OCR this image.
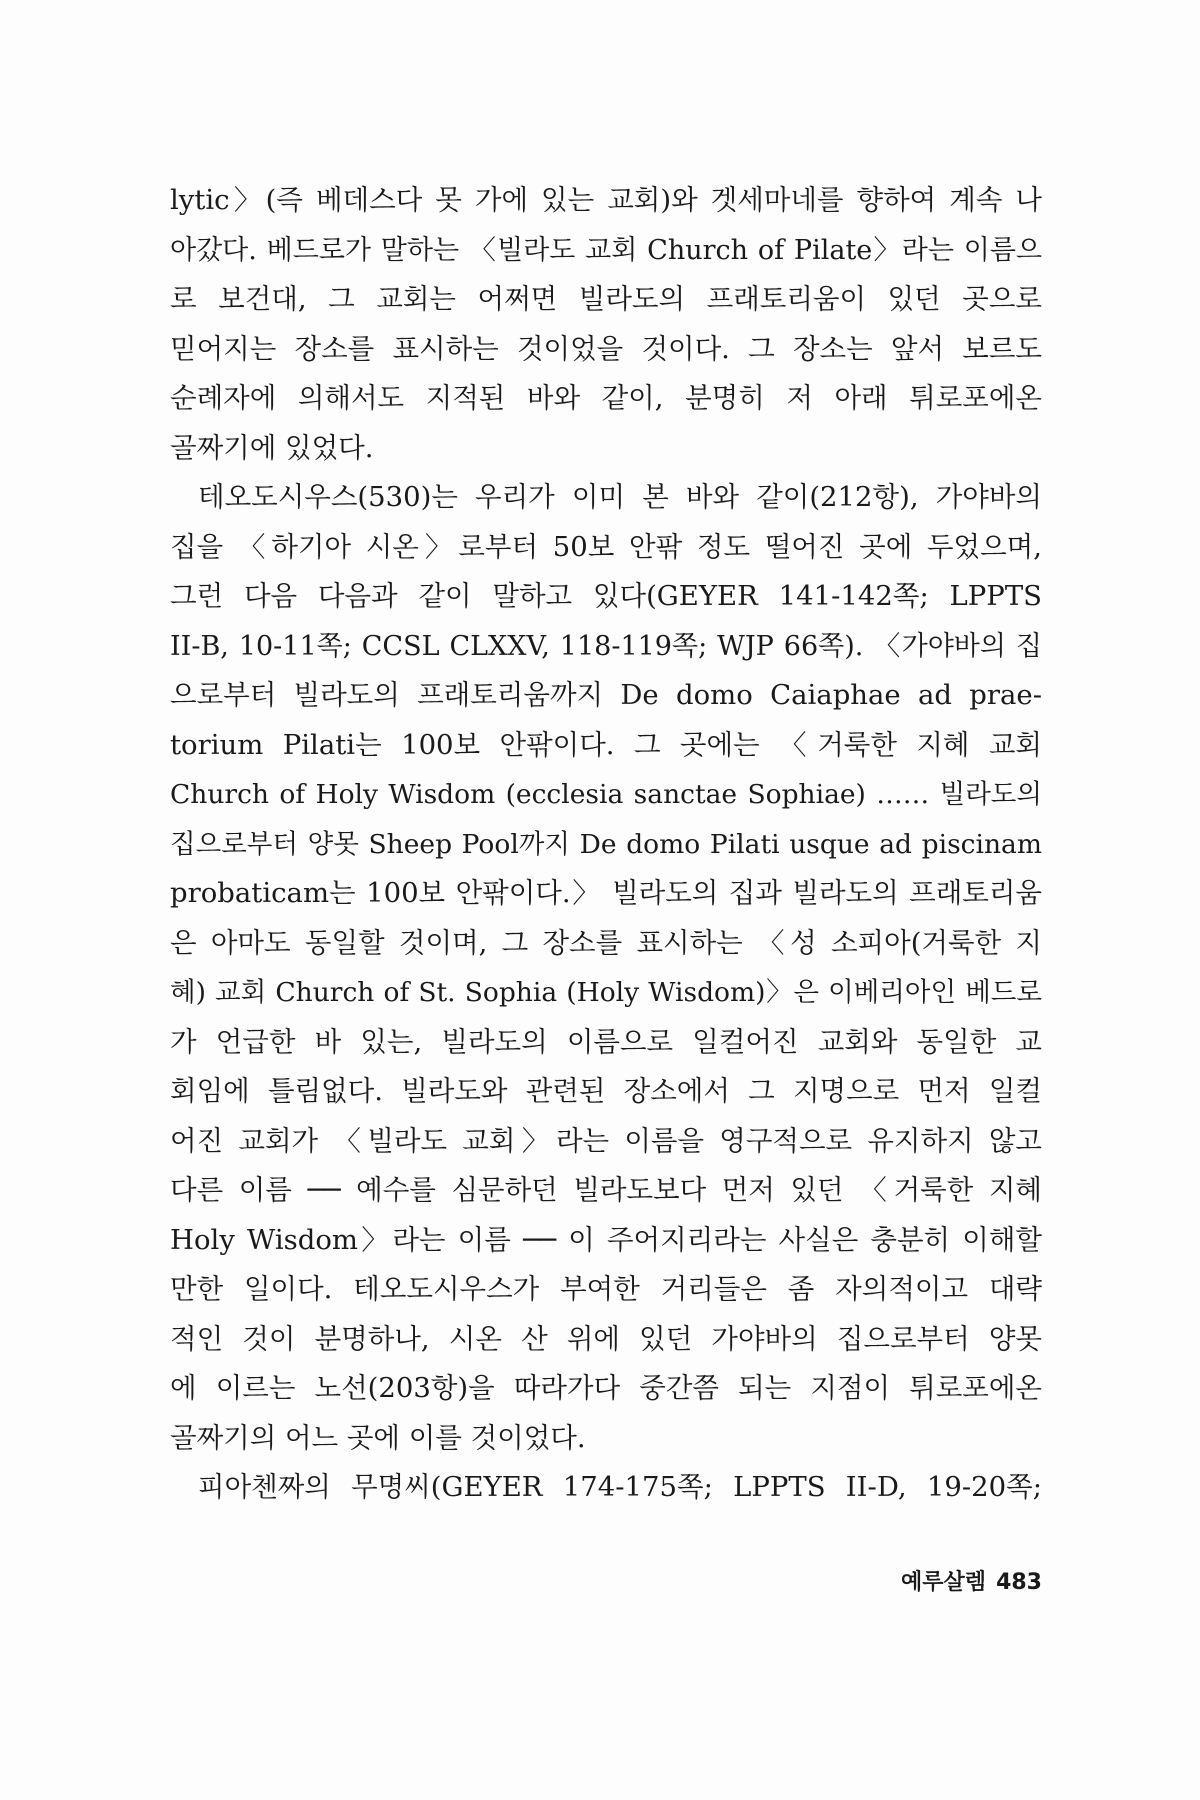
lytic〉(즉 베데스다 못 가에 있는 교회)와 겟세마네를 향하여 계속 나
아갔다. 베드로가 말하는 〈빌라도 교회 Church of Pilate〉라는 이름으
로 보건대, 그 교회는 어쩌면 빌라도의 프래토리움이 있던 곳으로
믿어지는 장소를 표시하는 것이었을 것이다. 그 장소는 앞서 보르도
순례자에 의해서도 지적된 바와 같이, 분명히 저 아래 튀로포에온
골짜기에 있었다.
테오도시우스(530)는 우리가 이미 본 바와 같이(212항), 가야바의
집을 〈하기아 시온〉로부터 50보 안팎 정도 떨어진 곳에 두었으며,
그런 다음 다음과 같이 말하고 있다(GEYER 141-142쪽; LPPTS
II-B, 10-11쪽; CCSL CLXXV, 118-119쪽; WJP 66쪽). 〈가야바의 집
으로부터 빌라도의 프래토리움까지 De domo Caiaphae ad prae-
torium Pilati는 100보 안팎이다. 그 곳에는 〈거룩한 지혜 교회
Church of Holy Wisdom (ecclesia sanctae Sophiae) …… 빌라도의
집으로부터 양못 Sheep Pool까지 De domo Pilati usque ad piscinam
probaticam는 100보 안팎이다.〉 빌라도의 집과 빌라도의 프래토리움
은 아마도 동일할 것이며, 그 장소를 표시하는 〈성 소피아(거룩한 지
혜) 교회 Church of St. Sophia (Holy Wisdom)〉은 이베리아인 베드로
가 언급한 바 있는, 빌라도의 이름으로 일컬어진 교회와 동일한 교
회임에 틀림없다. 빌라도와 관련된 장소에서 그 지명으로 먼저 일컬
어진 교회가 〈빌라도 교회〉라는 이름을 영구적으로 유지하지 않고
다른 이름 ── 예수를 심문하던 빌라도보다 먼저 있던 〈거룩한 지혜
Holy Wisdom〉라는 이름 ── 이 주어지리라는 사실은 충분히 이해할
만한 일이다. 테오도시우스가 부여한 거리들은 좀 자의적이고 대략
적인 것이 분명하나, 시온 산 위에 있던 가야바의 집으로부터 양못
에 이르는 노선(203항)을 따라가다 중간쯤 되는 지점이 튀로포에온
골짜기의 어느 곳에 이를 것이었다.
피아첸짜의 무명씨(GEYER 174-175쪽; LPPTS II-D, 19-20쪽;
예루살렘 483
